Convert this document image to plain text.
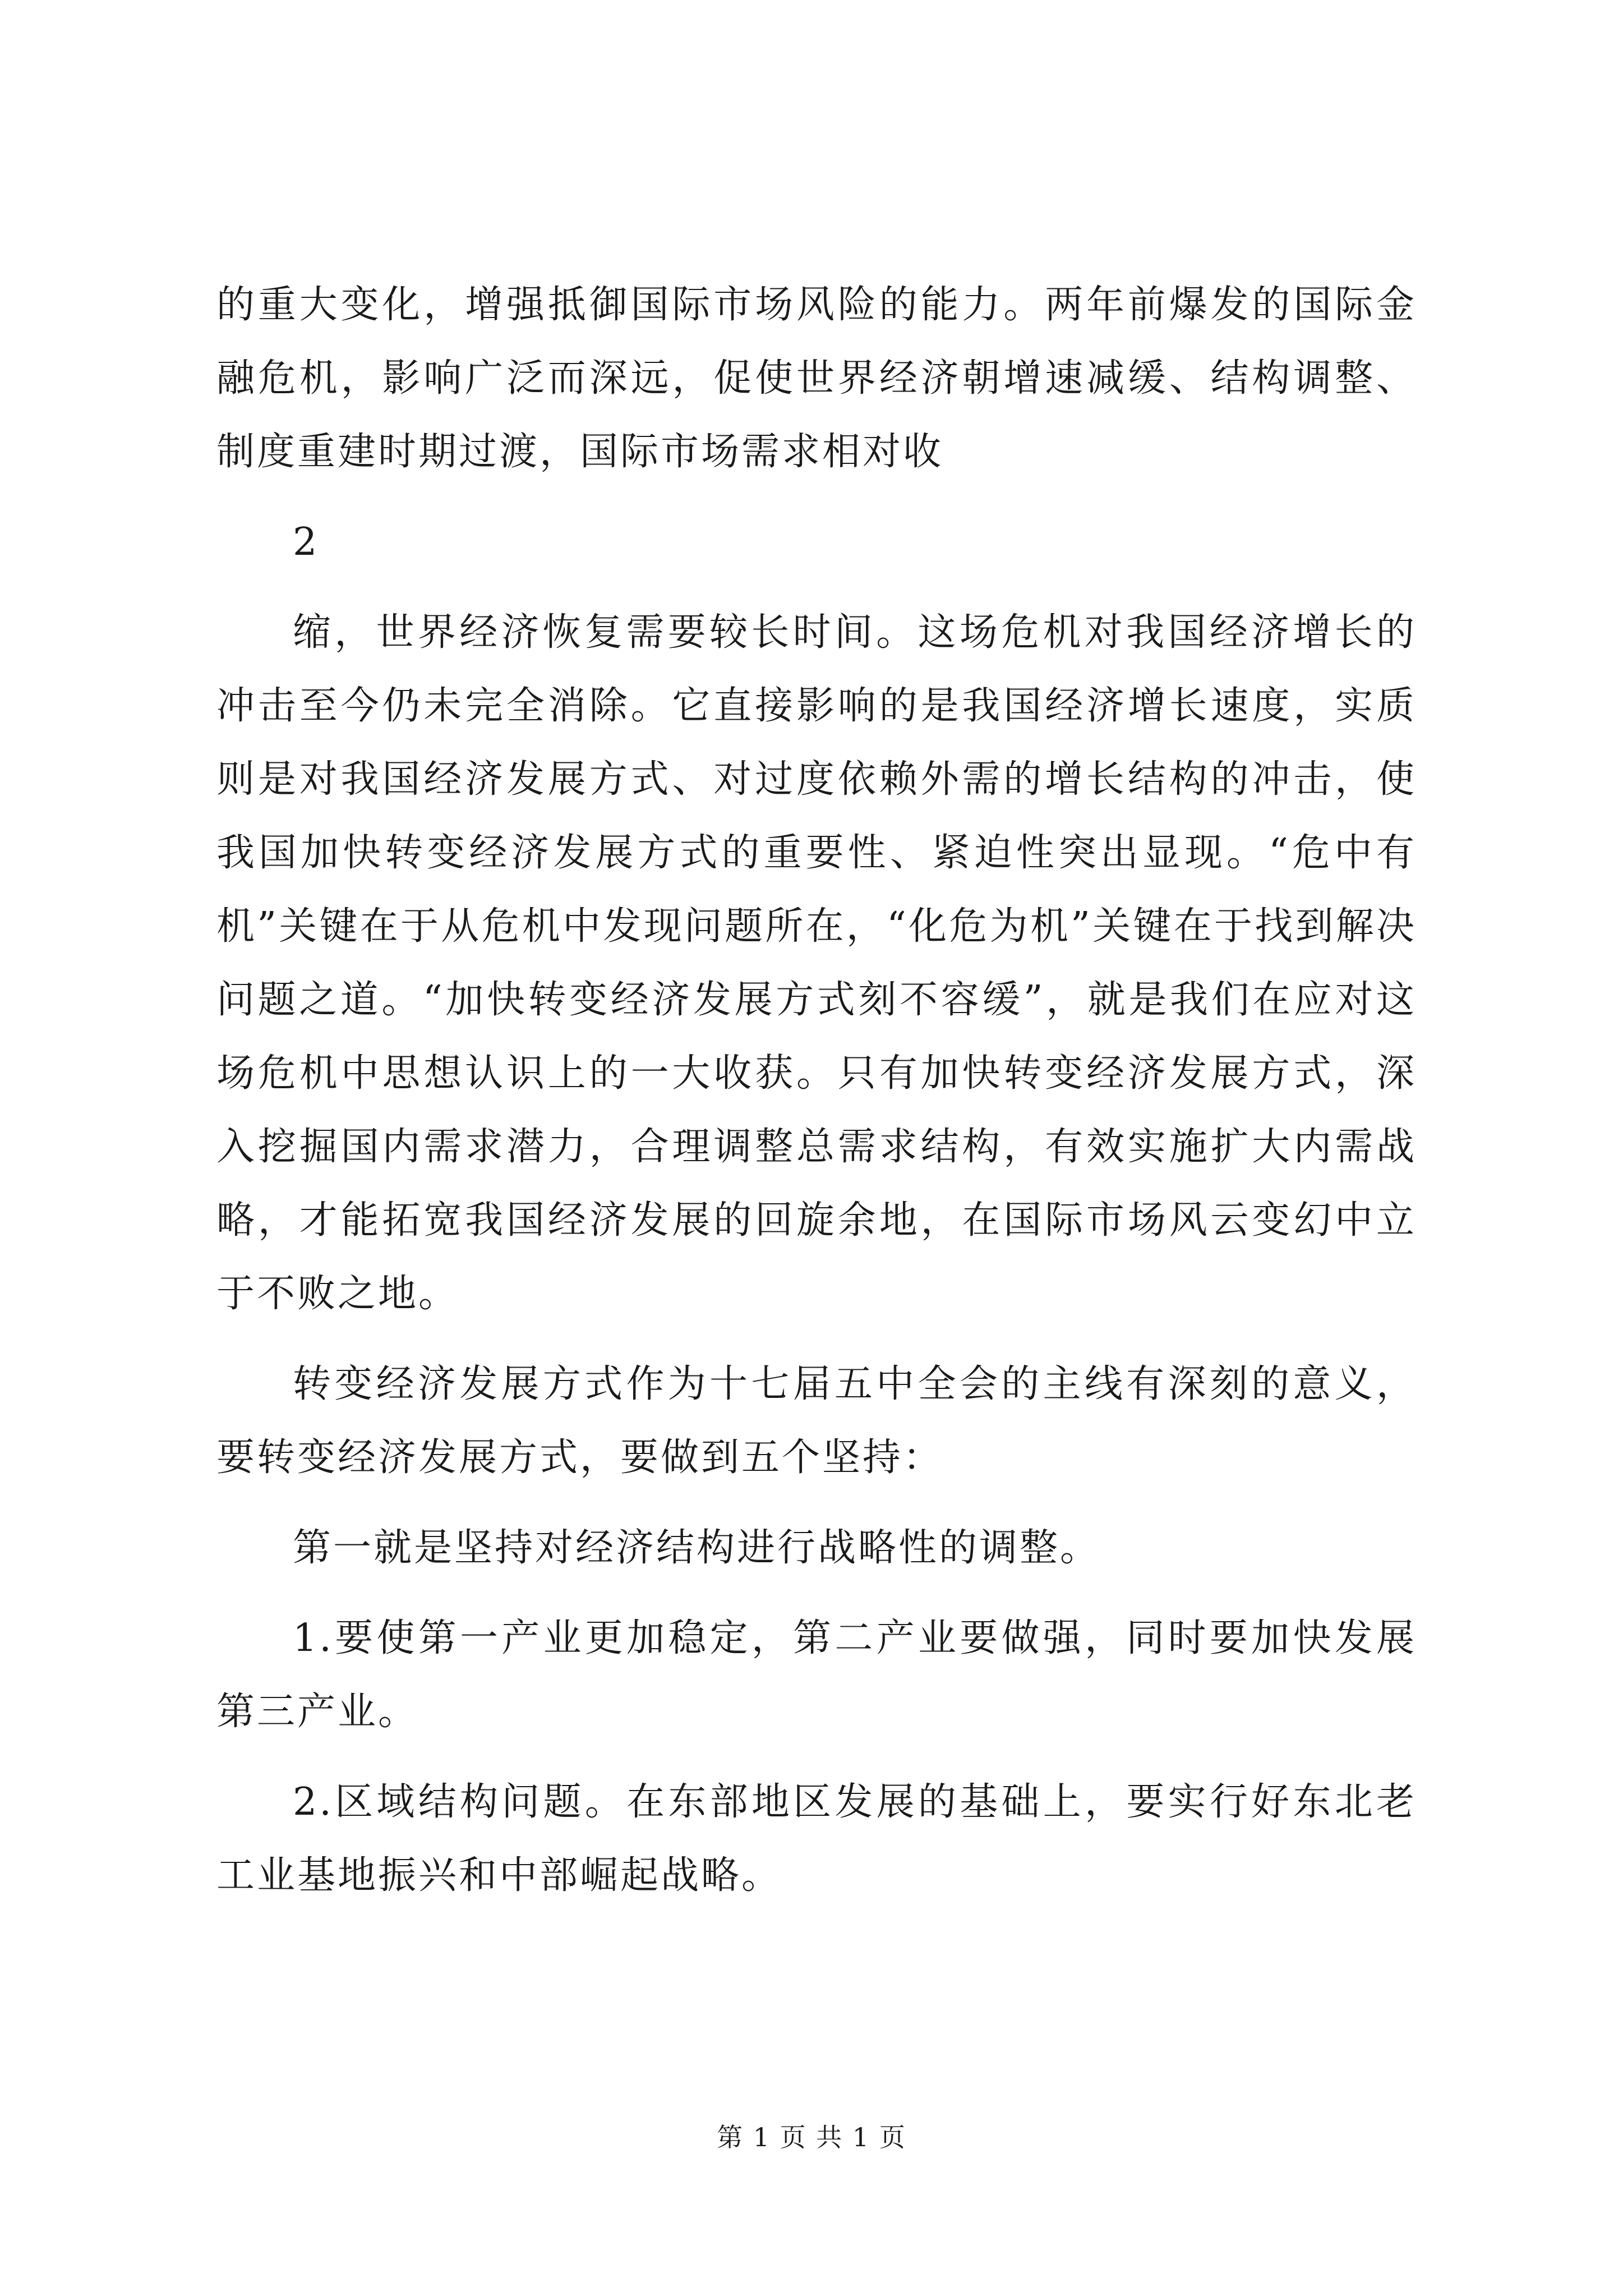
的重大变化，增强抵御国际市场风险的能力。两年前爆发的国际金融危机，影响广泛而深远，促使世界经济朝增速减缓、结构调整、制度重建时期过渡，国际市场需求相对收

2

缩，世界经济恢复需要较长时间。这场危机对我国经济增长的冲击至今仍未完全消除。它直接影响的是我国经济增长速度，实质则是对我国经济发展方式、对过度依赖外需的增长结构的冲击，使我国加快转变经济发展方式的重要性、紧迫性突出显现。“危中有机”关键在于从危机中发现问题所在，“化危为机”关键在于找到解决问题之道。“加快转变经济发展方式刻不容缓”，就是我们在应对这场危机中思想认识上的一大收获。只有加快转变经济发展方式，深入挖掘国内需求潜力，合理调整总需求结构，有效实施扩大内需战略，才能拓宽我国经济发展的回旋余地，在国际市场风云变幻中立于不败之地。

转变经济发展方式作为十七届五中全会的主线有深刻的意义，要转变经济发展方式，要做到五个坚持：

第一就是坚持对经济结构进行战略性的调整。

1.要使第一产业更加稳定，第二产业要做强，同时要加快发展第三产业。

2.区域结构问题。在东部地区发展的基础上，要实行好东北老工业基地振兴和中部崛起战略。

第 1 页 共 1 页
